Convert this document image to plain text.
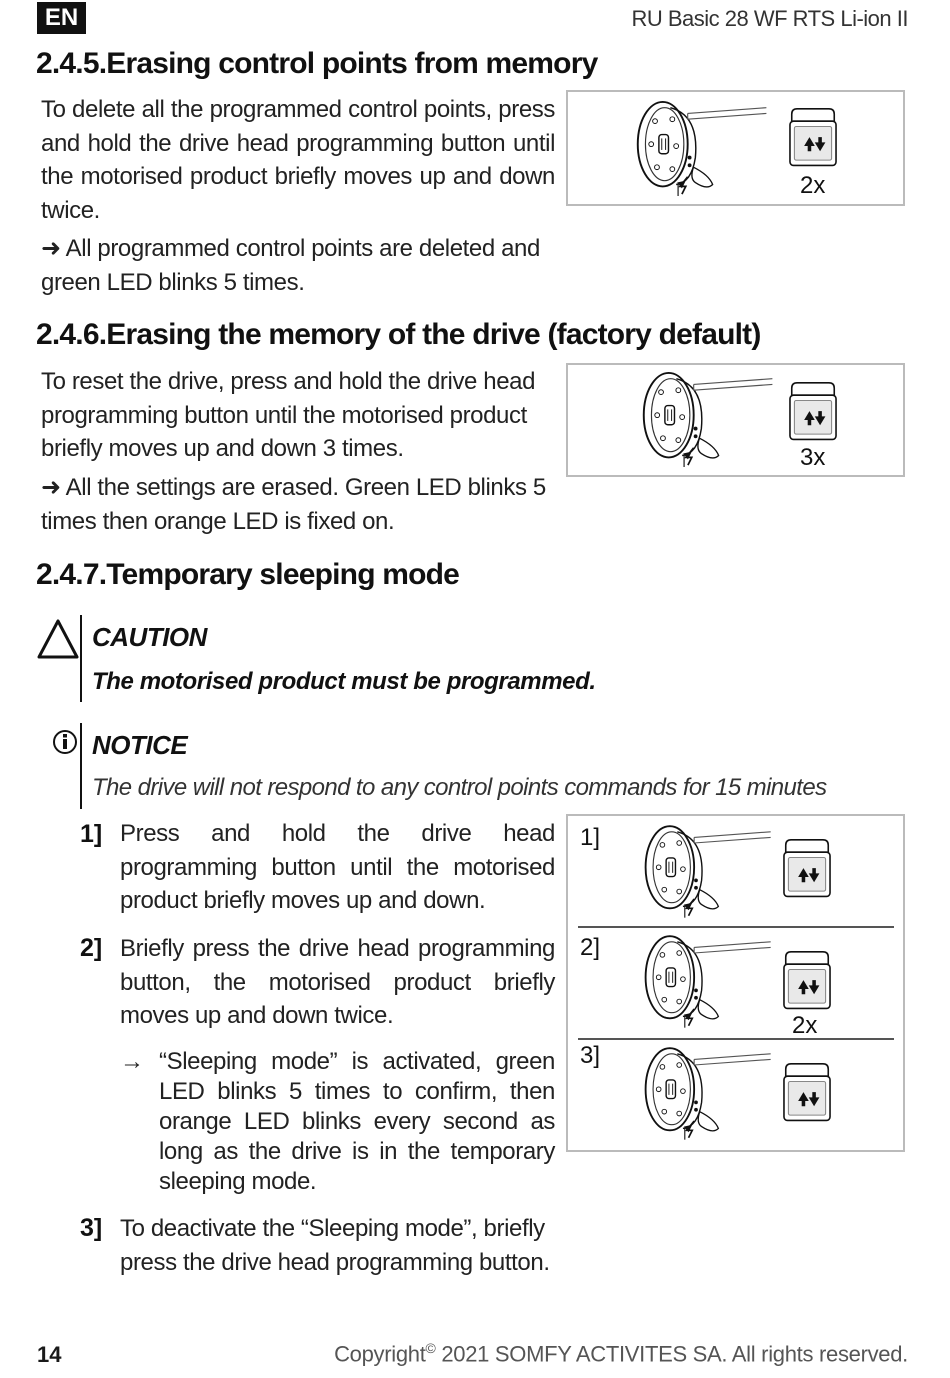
EN	RU Basic 28 WF RTS Li-ion II
2.4.5.Erasing control points from memory

To delete all the programmed control points, press and hold the drive head programming button until the motorised product briefly moves up and down twice.

➜ All programmed control points are deleted and green LED blinks 5 times.

2x
2.4.6.Erasing the memory of the drive (factory default)

To reset the drive, press and hold the drive head programming button until the motorised product briefly moves up and down 3 times.

➜ All the settings are erased. Green LED blinks 5 times then orange LED is fixed on.

3x
2.4.7.Temporary sleeping mode
CAUTION
The motorised product must be programmed.
NOTICE
The drive will not respond to any control points commands for 15 minutes
1] Press and hold the drive head programming button until the motorised product briefly moves up and down.

2] Briefly press the drive head programming button, the motorised product briefly moves up and down twice.

→ “Sleeping mode” is activated, green LED blinks 5 times to confirm, then orange LED blinks every second as long as the drive is in the temporary sleeping mode.

3] To deactivate the “Sleeping mode”, briefly press the drive head programming button.

1]
2]
2x
3]
14	Copyright© 2021 SOMFY ACTIVITES SA. All rights reserved.
